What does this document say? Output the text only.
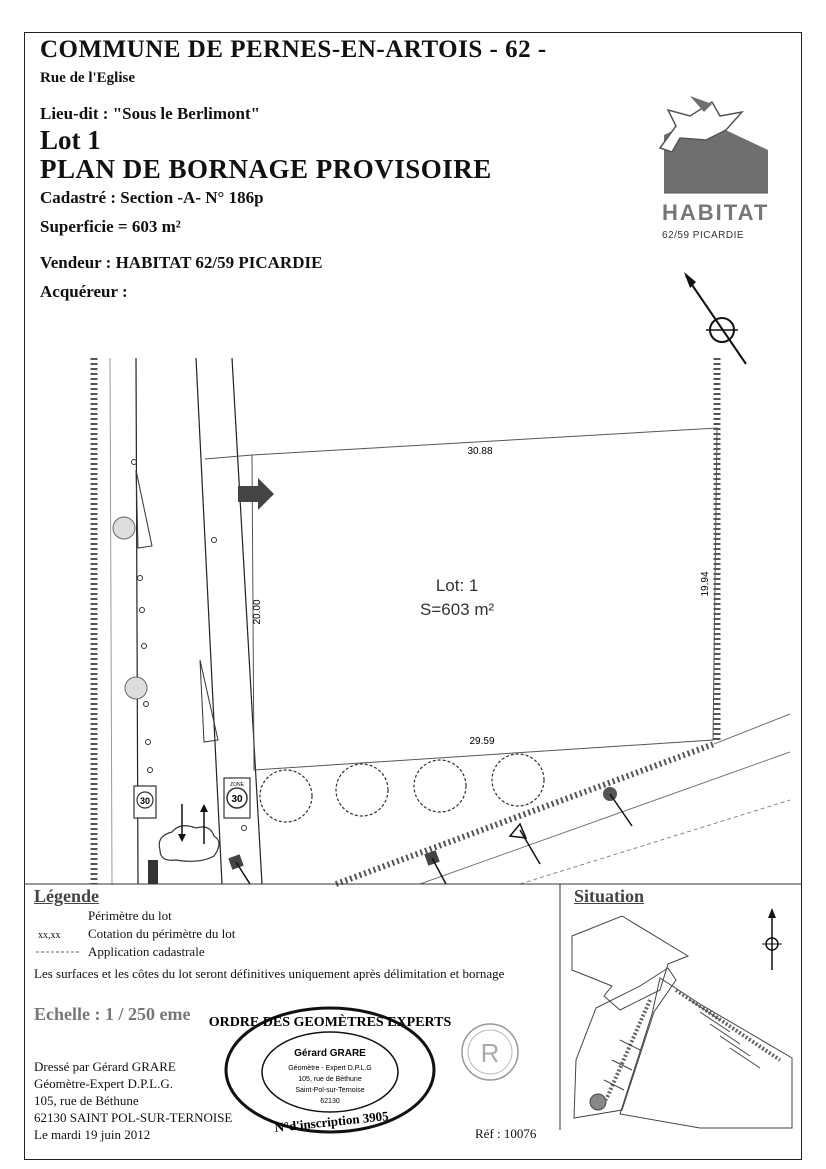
COMMUNE DE PERNES-EN-ARTOIS - 62 -
Rue de l'Eglise
Lieu-dit : "Sous le Berlimont"
Lot 1
PLAN DE BORNAGE PROVISOIRE
Cadastré : Section -A- N° 186p
Superficie = 603 m²
Vendeur : HABITAT 62/59 PICARDIE
Acquéreur :
30.88
29.59
20.00
19.94
30	30
ZONE
ORDRE DES GEOMÈTRES EXPERTS
Gérard GRARE
Géomètre - Expert D.P.L.G
105, rue de Béthune
Saint-Pol-sur-Ternoise
62130
N°d'inscription 3905
R
HABITAT
62/59 PICARDIE
Lot: 1
S=603 m²
Légende
Périmètre du lot
xx,xx Cotation du périmètre du lot
Application cadastrale
Les surfaces et les côtes du lot seront définitives uniquement après délimitation et bornage
Echelle : 1 / 250 eme
Dressé par Gérard GRARE
Géomètre-Expert D.P.L.G.
105, rue de Béthune
62130 SAINT POL-SUR-TERNOISE
Le mardi 19 juin 2012	Réf : 10076
Situation
